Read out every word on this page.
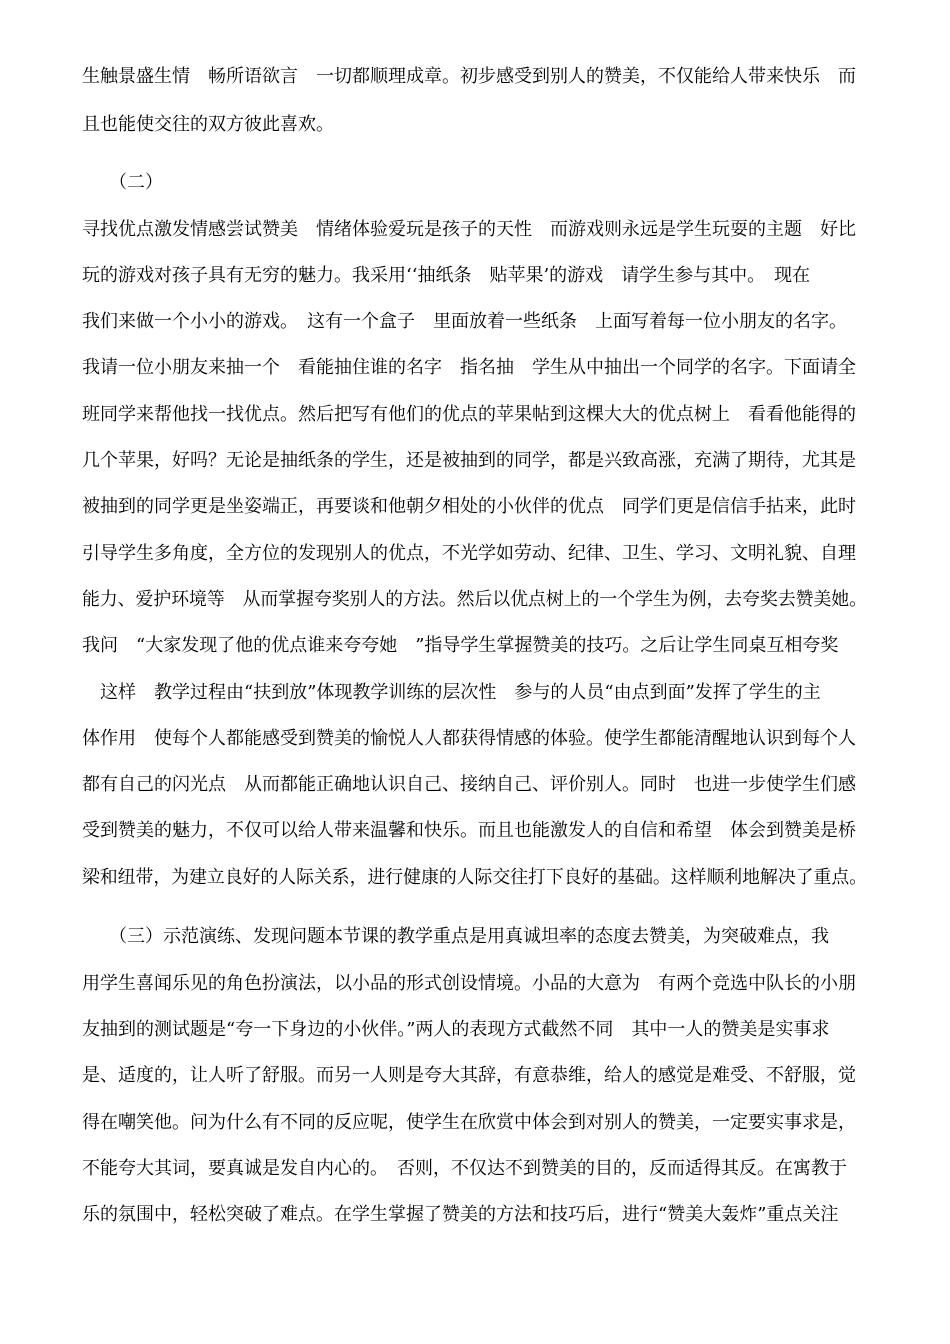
生触景盛生情　畅所语欲言　一切都顺理成章。初步感受到别人的赞美，不仅能给人带来快乐　而
且也能使交往的双方彼此喜欢。
　　（二）
寻找优点激发情感尝试赞美　情绪体验爱玩是孩子的天性　而游戏则永远是学生玩耍的主题　好比
玩的游戏对孩子具有无穷的魅力。我采用‘‘抽纸条　贴苹果’的游戏　请学生参与其中。　现在
我们来做一个小小的游戏。　这有一个盒子　里面放着一些纸条　上面写着每一位小朋友的名字。
我请一位小朋友来抽一个　看能抽住谁的名字　指名抽　学生从中抽出一个同学的名字。下面请全
班同学来帮他找一找优点。然后把写有他们的优点的苹果帖到这棵大大的优点树上　看看他能得的
几个苹果，好吗？无论是抽纸条的学生，还是被抽到的同学，都是兴致高涨，充满了期待，尤其是
被抽到的同学更是坐姿端正，再要谈和他朝夕相处的小伙伴的优点　同学们更是信信手拈来，此时
引导学生多角度，全方位的发现别人的优点，不光学如劳动、纪律、卫生、学习、文明礼貌、自理
能力、爱护环境等　从而掌握夸奖别人的方法。然后以优点树上的一个学生为例，去夸奖去赞美她。
我问　“大家发现了他的优点谁来夸夸她　”指导学生掌握赞美的技巧。之后让学生同桌互相夸奖
　这样　教学过程由“扶到放”体现教学训练的层次性　参与的人员“由点到面”发挥了学生的主
体作用　使每个人都能感受到赞美的愉悦人人都获得情感的体验。使学生都能清醒地认识到每个人
都有自己的闪光点　从而都能正确地认识自己、接纳自己、评价别人。同时　也进一步使学生们感
受到赞美的魅力，不仅可以给人带来温馨和快乐。而且也能激发人的自信和希望　体会到赞美是桥
梁和纽带，为建立良好的人际关系，进行健康的人际交往打下良好的基础。这样顺利地解决了重点。
　　（三）示范演练、发现问题本节课的教学重点是用真诚坦率的态度去赞美，为突破难点，我
用学生喜闻乐见的角色扮演法，以小品的形式创设情境。小品的大意为　有两个竞选中队长的小朋
友抽到的测试题是“夸一下身边的小伙伴。”两人的表现方式截然不同　其中一人的赞美是实事求
是、适度的，让人听了舒服。而另一人则是夸大其辞，有意恭维，给人的感觉是难受、不舒服，觉
得在嘲笑他。问为什么有不同的反应呢，使学生在欣赏中体会到对别人的赞美，一定要实事求是，
不能夸大其词，要真诚是发自内心的。　否则，不仅达不到赞美的目的，反而适得其反。在寓教于
乐的氛围中，轻松突破了难点。在学生掌握了赞美的方法和技巧后，进行“赞美大轰炸”重点关注
